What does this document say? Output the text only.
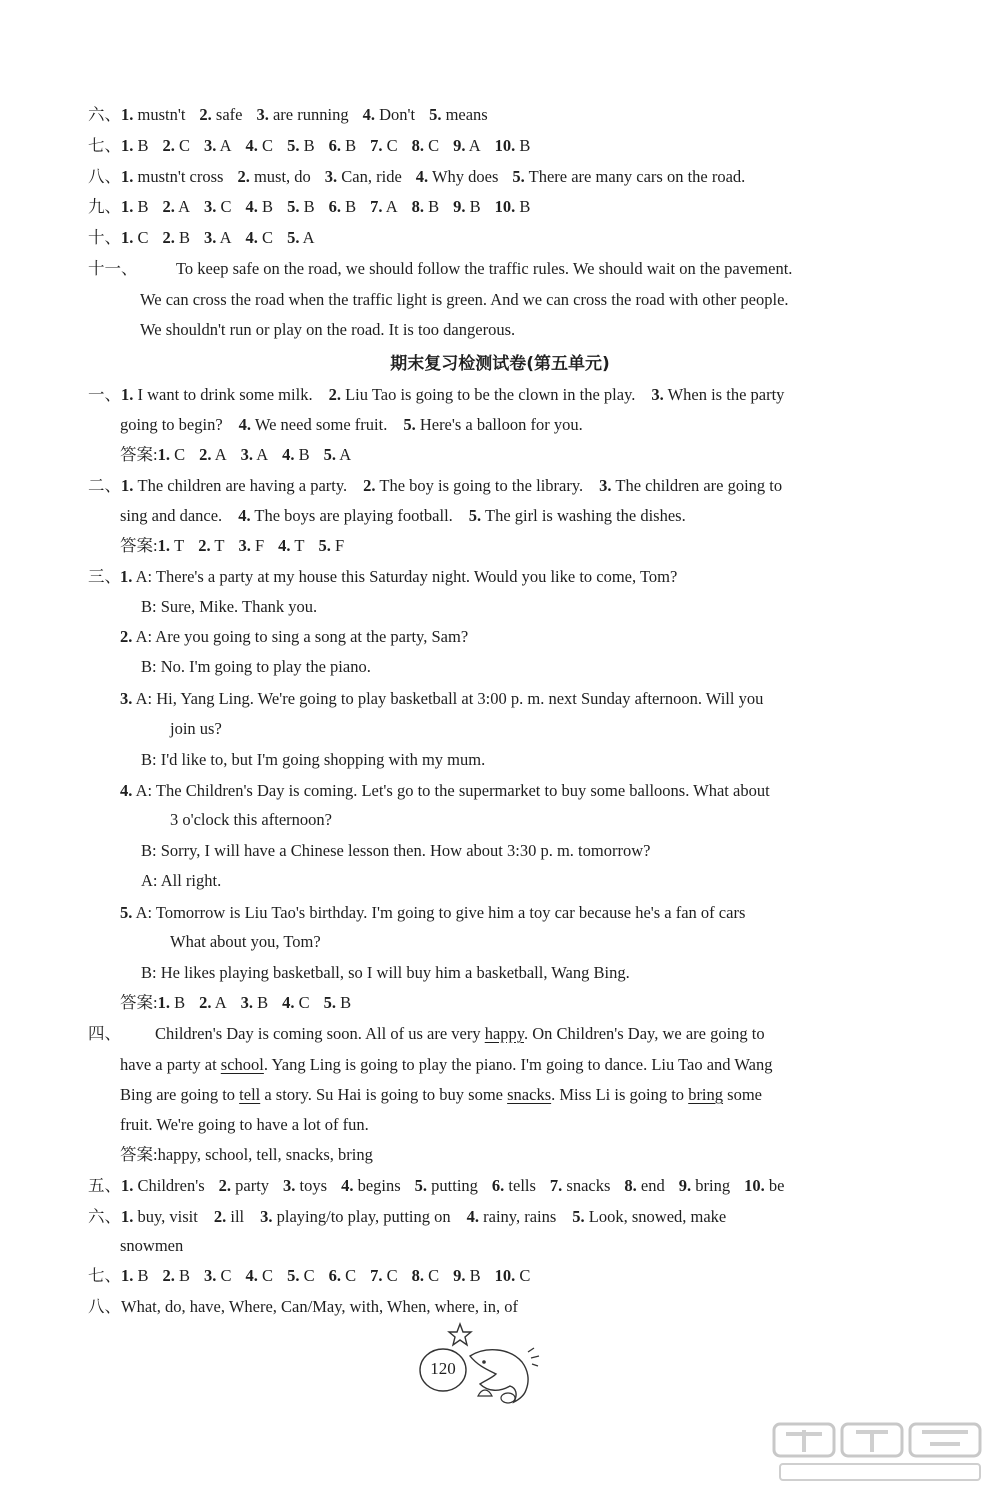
六、1. mustn't 2. safe 3. are running 4. Don't 5. means
七、1. B 2. C 3. A 4. C 5. B 6. B 7. C 8. C 9. A 10. B
八、1. mustn't cross 2. must, do 3. Can, ride 4. Why does 5. There are many cars on the road.
九、1. B 2. A 3. C 4. B 5. B 6. B 7. A 8. B 9. B 10. B
十、1. C 2. B 3. A 4. C 5. A
十一、 To keep safe on the road, we should follow the traffic rules. We should wait on the pavement.
We can cross the road when the traffic light is green. And we can cross the road with other people.
We shouldn't run or play on the road. It is too dangerous.
期末复习检测试卷(第五单元)
一、1. I want to drink some milk. 2. Liu Tao is going to be the clown in the play. 3. When is the party
going to begin? 4. We need some fruit. 5. Here's a balloon for you.
答案:1. C 2. A 3. A 4. B 5. A
二、1. The children are having a party. 2. The boy is going to the library. 3. The children are going to
sing and dance. 4. The boys are playing football. 5. The girl is washing the dishes.
答案:1. T 2. T 3. F 4. T 5. F
三、 1. A: There's a party at my house this Saturday night. Would you like to come, Tom?
B: Sure, Mike. Thank you.
2. A: Are you going to sing a song at the party, Sam?
B: No. I'm going to play the piano.
3. A: Hi, Yang Ling. We're going to play basketball at 3:00 p. m. next Sunday afternoon. Will you
join us?
B: I'd like to, but I'm going shopping with my mum.
4. A: The Children's Day is coming. Let's go to the supermarket to buy some balloons. What about
3 o'clock this afternoon?
B: Sorry, I will have a Chinese lesson then. How about 3:30 p. m. tomorrow?
A: All right.
5. A: Tomorrow is Liu Tao's birthday. I'm going to give him a toy car because he's a fan of cars
What about you, Tom?
B: He likes playing basketball, so I will buy him a basketball, Wang Bing.
答案:1. B 2. A 3. B 4. C 5. B
四、 Children's Day is coming soon. All of us are very happy. On Children's Day, we are going to
have a party at school. Yang Ling is going to play the piano. I'm going to dance. Liu Tao and Wang
Bing are going to tell a story. Su Hai is going to buy some snacks. Miss Li is going to bring some
fruit. We're going to have a lot of fun.
答案:happy, school, tell, snacks, bring
五、1. Children's 2. party 3. toys 4. begins 5. putting 6. tells 7. snacks 8. end 9. bring 10. be
六、1. buy, visit 2. ill 3. playing/to play, putting on 4. rainy, rains 5. Look, snowed, make
snowmen
七、1. B 2. B 3. C 4. C 5. C 6. C 7. C 8. C 9. B 10. C
八、What, do, have, Where, Can/May, with, When, where, in, of
120
